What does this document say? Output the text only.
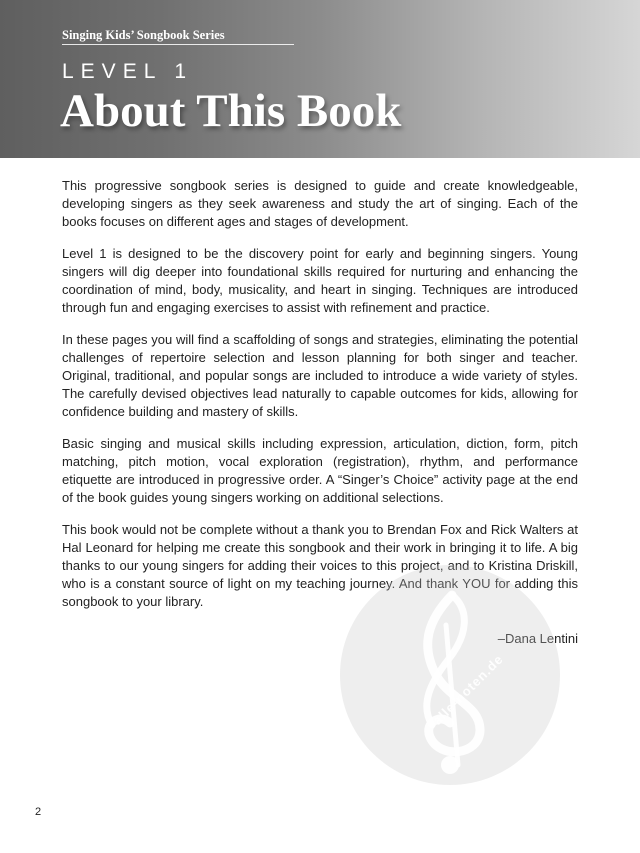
Singing Kids’ Songbook Series
LEVEL 1
About This Book

This progressive songbook series is designed to guide and create knowledgeable, developing singers as they seek awareness and study the art of singing. Each of the books focuses on different ages and stages of development.

Level 1 is designed to be the discovery point for early and beginning singers. Young singers will dig deeper into foundational skills required for nurturing and enhancing the coordination of mind, body, musicality, and heart in singing. Techniques are introduced through fun and engaging exercises to assist with refinement and practice.

In these pages you will find a scaffolding of songs and strategies, eliminating the potential challenges of repertoire selection and lesson planning for both singer and teacher. Original, traditional, and popular songs are included to introduce a wide variety of styles. The carefully devised objectives lead naturally to capable outcomes for kids, allowing for confidence building and mastery of skills.

Basic singing and musical skills including expression, articulation, diction, form, pitch matching, pitch motion, vocal exploration (registration), rhythm, and performance etiquette are introduced in progressive order. A “Singer’s Choice” activity page at the end of the book guides young singers working on additional selections.

This book would not be complete without a thank you to Brendan Fox and Rick Walters at Hal Leonard for helping me create this songbook and their work in bringing it to life. A big thanks to our young singers for adding their voices to this project, and to Kristina Driskill, who is a constant source of light on my teaching journey. And thank YOU for adding this songbook to your library.

–Dana Lentini
alle-noten.de
2
